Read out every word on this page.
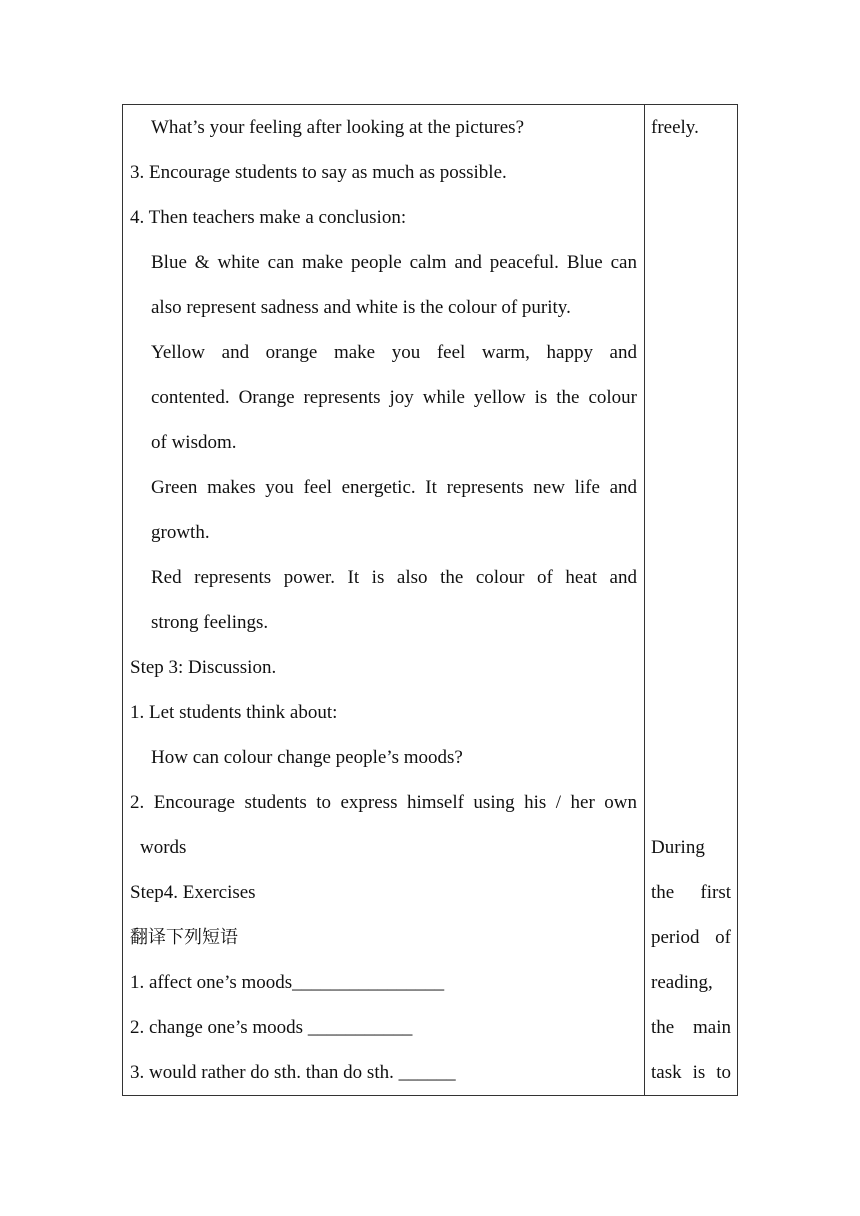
What’s your feeling after looking at the pictures?
3. Encourage students to say as much as possible.
4. Then teachers make a conclusion:
Blue & white can make people calm and peaceful. Blue can
also represent sadness and white is the colour of purity.
Yellow and orange make you feel warm, happy and
contented. Orange represents joy while yellow is the colour
of wisdom.
Green makes you feel energetic. It represents new life and
growth.
Red represents power. It is also the colour of heat and
strong feelings.
Step 3: Discussion.
1. Let students think about:
How can colour change people’s moods?
2. Encourage students to express himself using his / her own
words
Step4. Exercises
翻译下列短语
1. affect one’s moods________________
2. change one’s moods ___________
3. would rather do sth. than do sth. ______
freely.
During
the first
period of
reading,
the main
task is to
